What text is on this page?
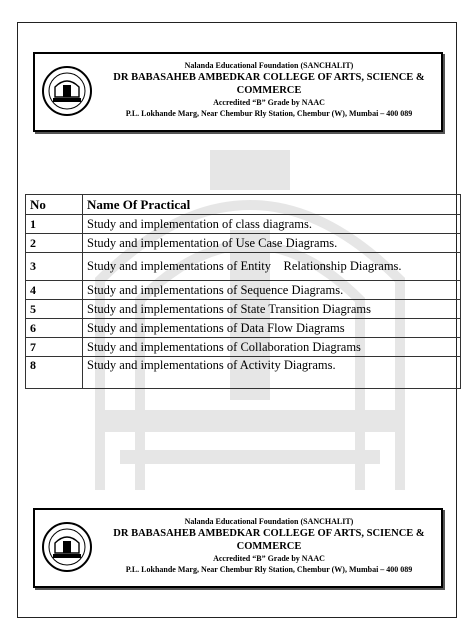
Nalanda Educational Foundation (SANCHALIT)
DR BABASAHEB AMBEDKAR COLLEGE OF ARTS, SCIENCE &
COMMERCE
Accredited “B” Grade by NAAC
P.L. Lokhande Marg, Near Chembur Rly Station, Chembur (W), Mumbai – 400 089
No	Name Of Practical
1	Study and implementation of class diagrams.
2	Study and implementation of Use Case Diagrams.
3	Study and implementations of Entity    Relationship Diagrams.
4	Study and implementations of Sequence Diagrams.
5	Study and implementations of State Transition Diagrams
6	Study and implementations of Data Flow Diagrams
7	Study and implementations of Collaboration Diagrams
8	Study and implementations of Activity Diagrams.
Nalanda Educational Foundation (SANCHALIT)
DR BABASAHEB AMBEDKAR COLLEGE OF ARTS, SCIENCE &
COMMERCE
Accredited “B” Grade by NAAC
P.L. Lokhande Marg, Near Chembur Rly Station, Chembur (W), Mumbai – 400 089
